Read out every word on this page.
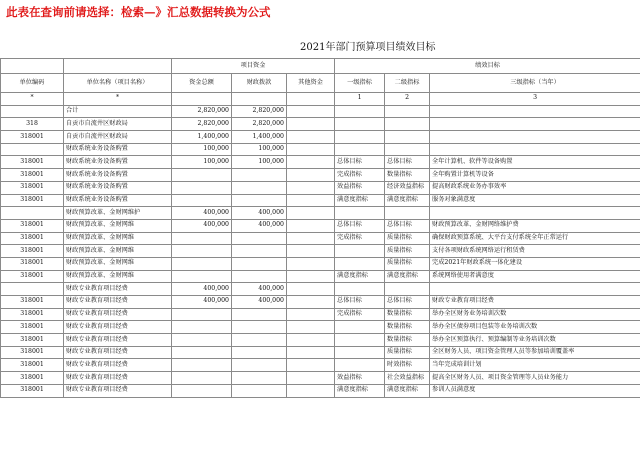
此表在查询前请选择：检索—》汇总数据转换为公式
2021年部门预算项目绩效目标
		项目资金			绩效目标		
单位编码	单位名称（项目名称）	资金总额	财政拨款	其他资金	一级指标	二级指标	三级指标（当年）
*	*				1	2	3
	合计	2,820,000	2,820,000				
318	自贡市自流井区财政局	2,820,000	2,820,000				
318001	自贡市自流井区财政局	1,400,000	1,400,000				
	财政系统业务设备购置	100,000	100,000				
318001	财政系统业务设备购置	100,000	100,000		总体目标	总体目标	全年计算机、软件等设备购置
318001	财政系统业务设备购置				完成指标	数量指标	全年购置计算机等设备
318001	财政系统业务设备购置				效益指标	经济效益指标	提高财政系统业务办事效率
318001	财政系统业务设备购置				满意度指标	满意度指标	服务对象满意度
	财政预算改革、金财网维护	400,000	400,000				
318001	财政预算改革、金财网维	400,000	400,000		总体目标	总体目标	财政预算改革、金财网络维护费
318001	财政预算改革、金财网维				完成指标	质量指标	确保财政预算系统、大平台支付系统全年正常运行
318001	财政预算改革、金财网维					质量指标	支付各项财政系统网络运行租赁费
318001	财政预算改革、金财网维					质量指标	完成2021年财政系统一体化建设
318001	财政预算改革、金财网维				满意度指标	满意度指标	系统网络使用者满意度
	财政专业教育项目经费	400,000	400,000				
318001	财政专业教育项目经费	400,000	400,000		总体目标	总体目标	财政专业教育项目经费
318001	财政专业教育项目经费				完成指标	数量指标	举办全区财务业务培训次数
318001	财政专业教育项目经费					数量指标	举办全区债券项目包装等业务培训次数
318001	财政专业教育项目经费					数量指标	举办全区预算执行、预算编制等业务培训次数
318001	财政专业教育项目经费					质量指标	全区财务人员、项目资金管理人员等参加培训覆盖率
318001	财政专业教育项目经费					时效指标	当年完成培训计划
318001	财政专业教育项目经费				效益指标	社会效益指标	提高全区财务人员、项目资金管理等人员业务能力
318001	财政专业教育项目经费				满意度指标	满意度指标	参训人员满意度
